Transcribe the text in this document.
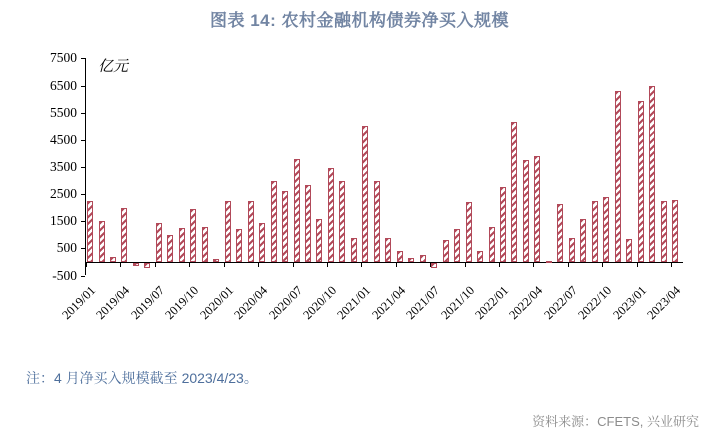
图表 14: 农村金融机构债券净买入规模
亿元
7500
6500
5500
4500
3500
2500
1500
500
-500
2019/01
2019/04
2019/07
2019/10
2020/01
2020/04
2020/07
2020/10
2021/01
2021/04
2021/07
2021/10
2022/01
2022/04
2022/07
2022/10
2023/01
2023/04
注：4 月净买入规模截至 2023/4/23。
资料来源：CFETS, 兴业研究
